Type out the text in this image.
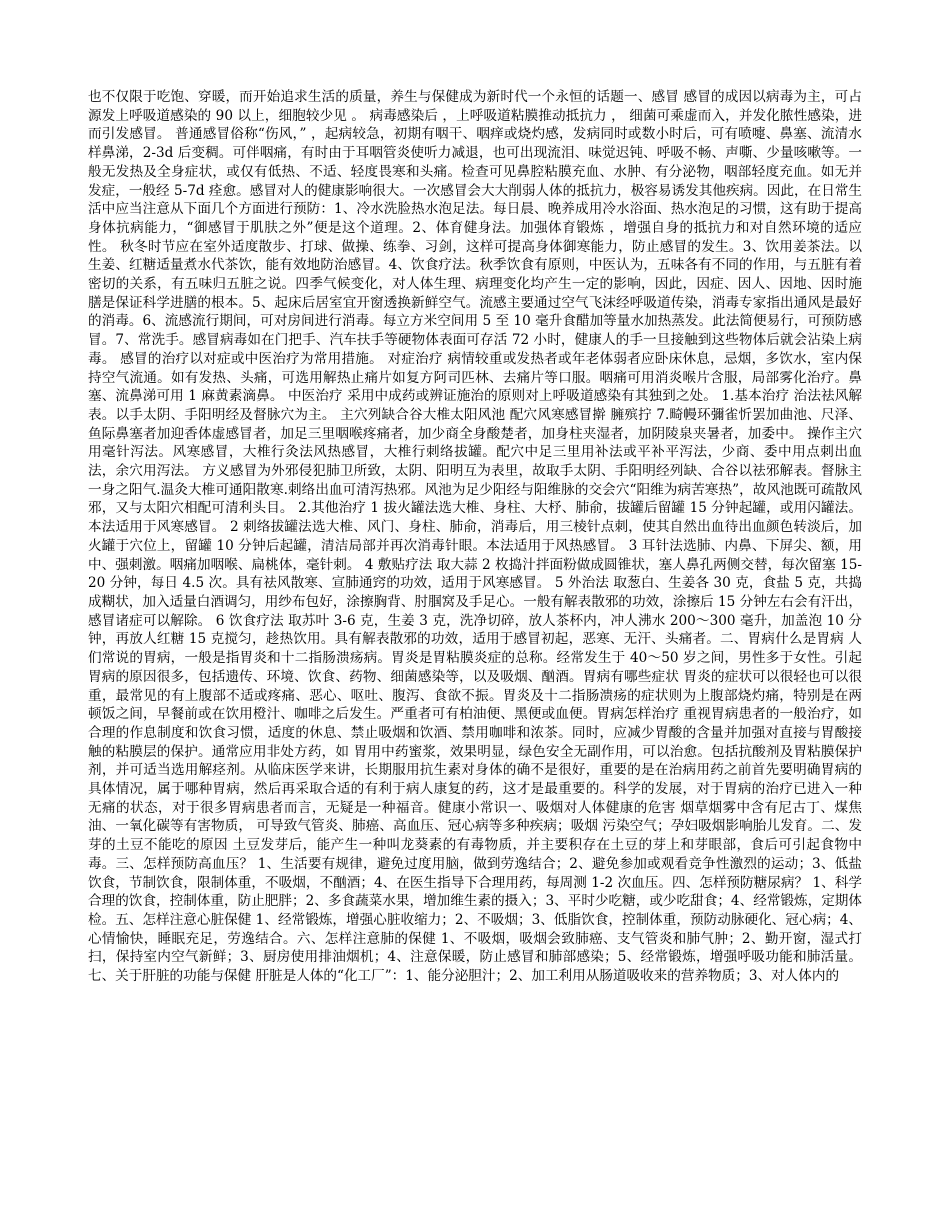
也不仅限于吃饱、穿暖，而开始追求生活的质量，养生与保健成为新时代一个永恒的话题一、感冒 感冒的成因以病毒为主，可占源发上呼吸道感染的 90 以上，细胞较少见 。 病毒感染后 ，上呼吸道粘膜推动抵抗力 ， 细菌可乘虚而入，并发化脓性感染，进而引发感冒。 普通感冒俗称“伤风，” ，起病较急，初期有咽干、咽痒或烧灼感，发病同时或数小时后，可有喷嚏、鼻塞、流清水样鼻涕，2-3d 后变稠。可伴咽痛，有时由于耳咽管炎使听力减退，也可出现流泪、味觉迟钝、呼吸不畅、声嘶、少量咳嗽等。一般无发热及全身症状，或仅有低热、不适、轻度畏寒和头痛。检查可见鼻腔粘膜充血、水肿、有分泌物，咽部轻度充血。如无并发症，一般经 5-7d 痊愈。感冒对人的健康影响很大。一次感冒会大大削弱人体的抵抗力，极容易诱发其他疾病。因此，在日常生活中应当注意从下面几个方面进行预防：1、冷水洗脸热水泡足法。每日晨、晚养成用冷水浴面、热水泡足的习惯，这有助于提高身体抗病能力，“御感冒于肌肤之外”便是这个道理。2、体育健身法。加强体育锻炼 ，增强自身的抵抗力和对自然环境的适应性。 秋冬时节应在室外适度散步、打球、做操、练拳、习剑，这样可提高身体御寒能力，防止感冒的发生。3、饮用姜茶法。以生姜、红糖适量煮水代茶饮，能有效地防治感冒。4、饮食疗法。秋季饮食有原则，中医认为，五味各有不同的作用，与五脏有着密切的关系，有五味归五脏之说。四季气候变化，对人体生理、病理变化均产生一定的影响，因此，因症、因人、因地、因时施膳是保证科学进膳的根本。5、起床后居室宜开窗透换新鲜空气。流感主要通过空气飞沫经呼吸道传染，消毒专家指出通风是最好的消毒。6、流感流行期间，可对房间进行消毒。每立方米空间用 5 至 10 毫升食醋加等量水加热蒸发。此法简便易行，可预防感冒。7、常洗手。感冒病毒如在门把手、汽车扶手等硬物体表面可存活 72 小时，健康人的手一旦接触到这些物体后就会沾染上病毒。 感冒的治疗以对症或中医治疗为常用措施。 对症治疗 病情较重或发热者或年老体弱者应卧床休息，忌烟，多饮水，室内保持空气流通。如有发热、头痛，可选用解热止痛片如复方阿司匹林、去痛片等口服。咽痛可用消炎喉片含服，局部雾化治疗。鼻塞、流鼻涕可用 1 麻黄素滴鼻。 中医治疗 采用中成药或辨证施治的原则对上呼吸道感染有其独到之处。 1.基本治疗 治法祛风解表。以手太阴、手阳明经及督脉穴为主。 主穴列缺合谷大椎太阳风池 配穴风寒感冒擀 臃殡拧 7.畸幔环彌雀忻罢加曲池、尺泽、鱼际鼻塞者加迎香体虚感冒者，加足三里咽喉疼痛者，加少商全身酸楚者，加身柱夹湿者，加阴陵泉夹暑者，加委中。 操作主穴用毫针泻法。风寒感冒，大椎行灸法风热感冒，大椎行刺络拔罐。配穴中足三里用补法或平补平泻法，少商、委中用点刺出血法，余穴用泻法。 方义感冒为外邪侵犯肺卫所致，太阴、阳明互为表里，故取手太阴、手阳明经列缺、合谷以祛邪解表。督脉主一身之阳气.温灸大椎可通阳散寒.刺络出血可清泻热邪。风池为足少阳经与阳维脉的交会穴“阳维为病苦寒热”，故风池既可疏散风邪，又与太阳穴相配可清利头目。 2.其他治疗 1 拔火罐法选大椎、身柱、大杼、肺俞，拔罐后留罐 15 分钟起罐，或用闪罐法。本法适用于风寒感冒。 2 刺络拔罐法选大椎、风门、身柱、肺俞，消毒后，用三棱针点刺，使其自然出血待出血颜色转淡后，加火罐于穴位上，留罐 10 分钟后起罐，清洁局部并再次消毒针眼。本法适用于风热感冒。 3 耳针法选肺、内鼻、下屏尖、额，用中、强刺激。咽痛加咽喉、扁桃体，毫针刺。 4 敷贴疗法 取大蒜 2 枚捣汁拌面粉做成圆锥状，塞人鼻孔两侧交替，每次留塞 15-20 分钟，每日 4.5 次。具有祛风散寒、宣肺通窍的功效，适用于风寒感冒。 5 外治法 取葱白、生姜各 30 克，食盐 5 克，共捣成糊状，加入适量白酒调匀，用纱布包好，涂擦胸背、肘腘窝及手足心。一般有解表散邪的功效，涂擦后 15 分钟左右会有汗出，感冒诸症可以解除。 6 饮食疗法 取苏叶 3-6 克，生姜 3 克，洗净切碎，放人茶杯内，冲人沸水 200～300 毫升，加盖泡 10 分钟，再放人红糖 15 克搅匀，趁热饮用。具有解表散邪的功效，适用于感冒初起，恶寒、无汗、头痛者。二、胃病什么是胃病 人们常说的胃病，一般是指胃炎和十二指肠溃疡病。胃炎是胃粘膜炎症的总称。经常发生于 40～50 岁之间，男性多于女性。引起胃病的原因很多，包括遗传、环境、饮食、药物、细菌感染等，以及吸烟、酗酒。胃病有哪些症状 胃炎的症状可以很轻也可以很重，最常见的有上腹部不适或疼痛、恶心、呕吐、腹泻、食欲不振。胃炎及十二指肠溃疡的症状则为上腹部烧灼痛，特别是在两顿饭之间，早餐前或在饮用橙汁、咖啡之后发生。严重者可有柏油便、黑便或血便。胃病怎样治疗 重视胃病患者的一般治疗，如合理的作息制度和饮食习惯，适度的休息、禁止吸烟和饮酒、禁用咖啡和浓茶。同时，应减少胃酸的含量并加强对直接与胃酸接触的粘膜层的保护。通常应用非处方药，如 胃用中药蜜浆，效果明显，绿色安全无副作用，可以治愈。包括抗酸剂及胃粘膜保护剂，并可适当选用解痉剂。从临床医学来讲，长期服用抗生素对身体的确不是很好，重要的是在治病用药之前首先要明确胃病的具体情况，属于哪种胃病，然后再采取合适的有利于病人康复的药，这才是最重要的。科学的发展，对于胃病的治疗已进入一种无痛的状态，对于很多胃病患者而言，无疑是一种福音。健康小常识一、吸烟对人体健康的危害 烟草烟雾中含有尼古丁、煤焦油、一氧化碳等有害物质， 可导致气管炎、肺癌、高血压、冠心病等多种疾病；吸烟 污染空气；孕妇吸烟影响胎儿发育。二、发芽的土豆不能吃的原因 土豆发芽后，能产生一种叫龙葵素的有毒物质，并主要积存在土豆的芽上和芽眼部，食后可引起食物中毒。三、怎样预防高血压？ 1、生活要有规律，避免过度用脑，做到劳逸结合；2、避免参加或观看竞争性激烈的运动；3、低盐饮食，节制饮食，限制体重，不吸烟，不酗酒；4、在医生指导下合理用药，每周测 1-2 次血压。四、怎样预防糖尿病？ 1、科学合理的饮食，控制体重，防止肥胖；2、多食蔬菜水果，增加维生素的摄入；3、平时少吃糖，或少吃甜食；4、经常锻炼，定期体检。五、怎样注意心脏保健 1、经常锻炼，增强心脏收缩力；2、不吸烟；3、低脂饮食，控制体重，预防动脉硬化、冠心病；4、心情愉快，睡眠充足，劳逸结合。六、怎样注意肺的保健 1、不吸烟，吸烟会致肺癌、支气管炎和肺气肿；2、勤开窗，湿式打扫，保持室内空气新鲜；3、厨房使用排油烟机；4、注意保暖，防止感冒和肺部感染；5、经常锻炼，增强呼吸功能和肺活量。七、关于肝脏的功能与保健 肝脏是人体的“化工厂”：1、能分泌胆汁；2、加工利用从肠道吸收来的营养物质；3、对人体内的
